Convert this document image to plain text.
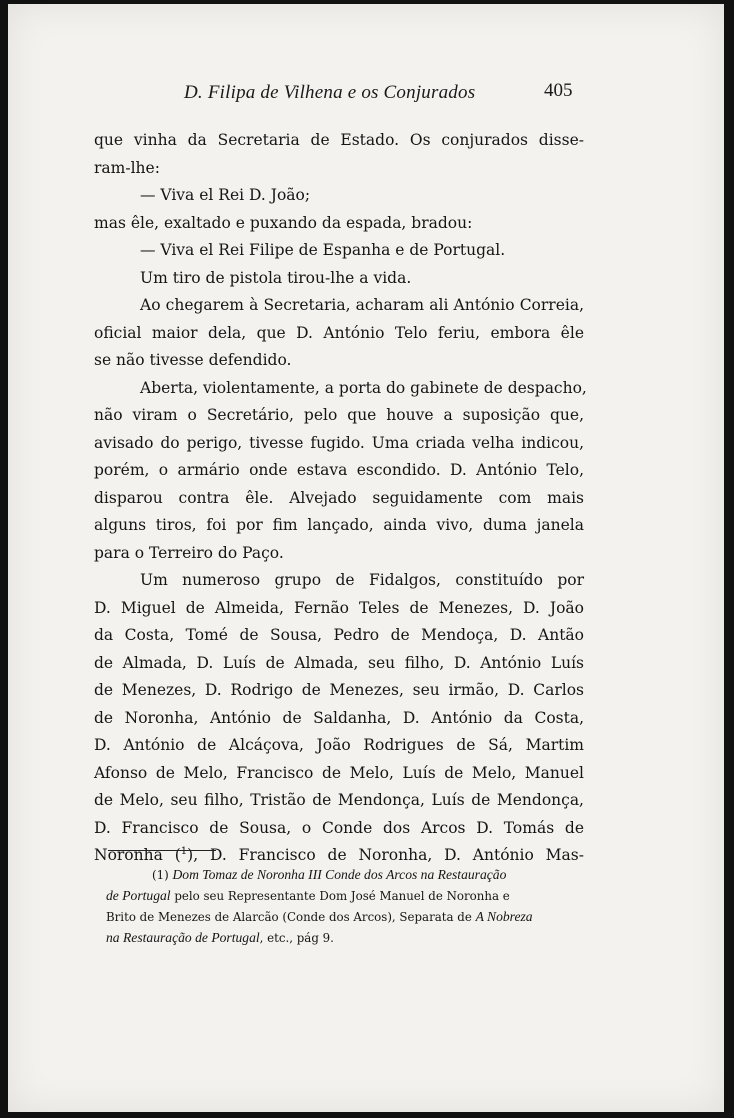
D. Filipa de Vilhena e os Conjurados	405
que vinha da Secretaria de Estado. Os conjurados disse-
ram-lhe:
— Viva el Rei D. João;
mas êle, exaltado e puxando da espada, bradou:
— Viva el Rei Filipe de Espanha e de Portugal.
Um tiro de pistola tirou-lhe a vida.
Ao chegarem à Secretaria, acharam ali António Correia,
oficial maior dela, que D. António Telo feriu, embora êle
se não tivesse defendido.
Aberta, violentamente, a porta do gabinete de despacho,
não viram o Secretário, pelo que houve a suposição que,
avisado do perigo, tivesse fugido. Uma criada velha indicou,
porém, o armário onde estava escondido. D. António Telo,
disparou contra êle. Alvejado seguidamente com mais
alguns tiros, foi por fim lançado, ainda vivo, duma janela
para o Terreiro do Paço.
Um numeroso grupo de Fidalgos, constituído por
D. Miguel de Almeida, Fernão Teles de Menezes, D. João
da Costa, Tomé de Sousa, Pedro de Mendoça, D. Antão
de Almada, D. Luís de Almada, seu filho, D. António Luís
de Menezes, D. Rodrigo de Menezes, seu irmão, D. Carlos
de Noronha, António de Saldanha, D. António da Costa,
D. António de Alcáçova, João Rodrigues de Sá, Martim
Afonso de Melo, Francisco de Melo, Luís de Melo, Manuel
de Melo, seu filho, Tristão de Mendonça, Luís de Mendonça,
D. Francisco de Sousa, o Conde dos Arcos D. Tomás de
Noronha ($^1$), D. Francisco de Noronha, D. António Mas-
(1) Dom Tomaz de Noronha III Conde dos Arcos na Restauração
de Portugal pelo seu Representante Dom José Manuel de Noronha e
Brito de Menezes de Alarcão (Conde dos Arcos), Separata de A Nobreza
na Restauração de Portugal, etc., pág 9.
